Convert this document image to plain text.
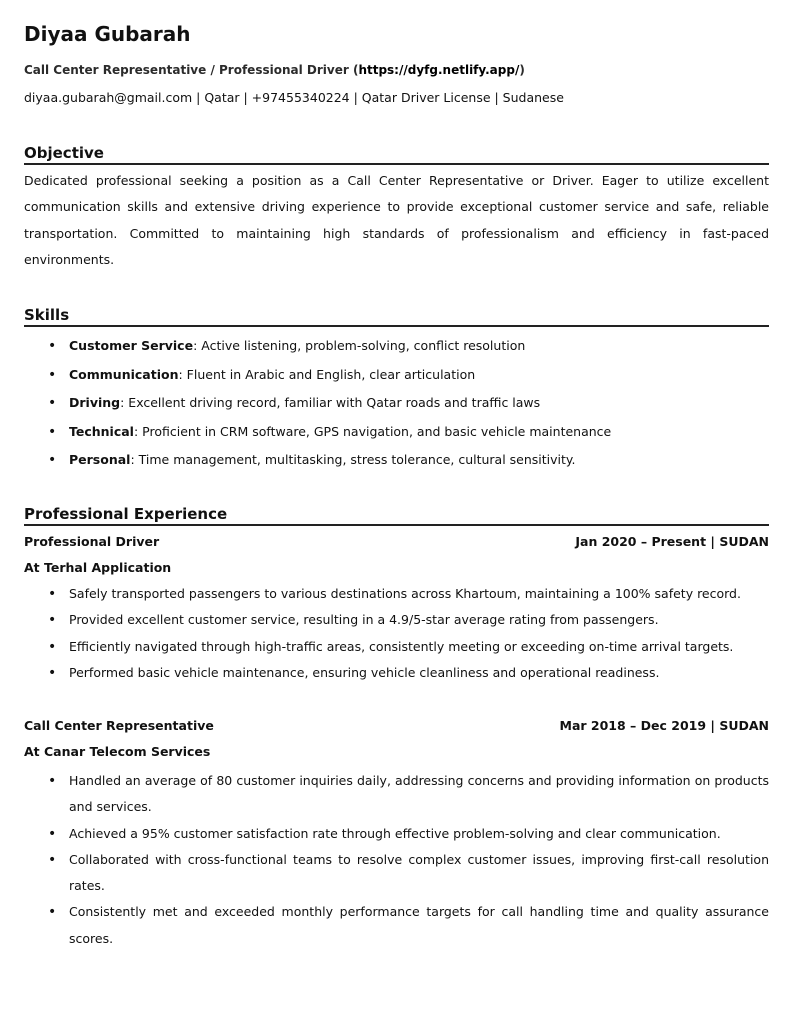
Diyaa Gubarah
Call Center Representative / Professional Driver (https://dyfg.netlify.app/)
diyaa.gubarah@gmail.com | Qatar | +97455340224 | Qatar Driver License | Sudanese
Objective

Dedicated professional seeking a position as a Call Center Representative or Driver. Eager to utilize excellent communication skills and extensive driving experience to provide exceptional customer service and safe, reliable transportation. Committed to maintaining high standards of professionalism and efficiency in fast-paced environments.

Skills
• Customer Service: Active listening, problem-solving, conflict resolution
• Communication: Fluent in Arabic and English, clear articulation
• Driving: Excellent driving record, familiar with Qatar roads and traffic laws
• Technical: Proficient in CRM software, GPS navigation, and basic vehicle maintenance
• Personal: Time management, multitasking, stress tolerance, cultural sensitivity.
Professional Experience
Professional Driver	Jan 2020 – Present | SUDAN
At Terhal Application
• Safely transported passengers to various destinations across Khartoum, maintaining a 100% safety record.
• Provided excellent customer service, resulting in a 4.9/5-star average rating from passengers.
• Efficiently navigated through high-traffic areas, consistently meeting or exceeding on-time arrival targets.
• Performed basic vehicle maintenance, ensuring vehicle cleanliness and operational readiness.
Call Center Representative	Mar 2018 – Dec 2019 | SUDAN
At Canar Telecom Services
• Handled an average of 80 customer inquiries daily, addressing concerns and providing information on products and services.
• Achieved a 95% customer satisfaction rate through effective problem-solving and clear communication.
• Collaborated with cross-functional teams to resolve complex customer issues, improving first-call resolution rates.
• Consistently met and exceeded monthly performance targets for call handling time and quality assurance scores.
